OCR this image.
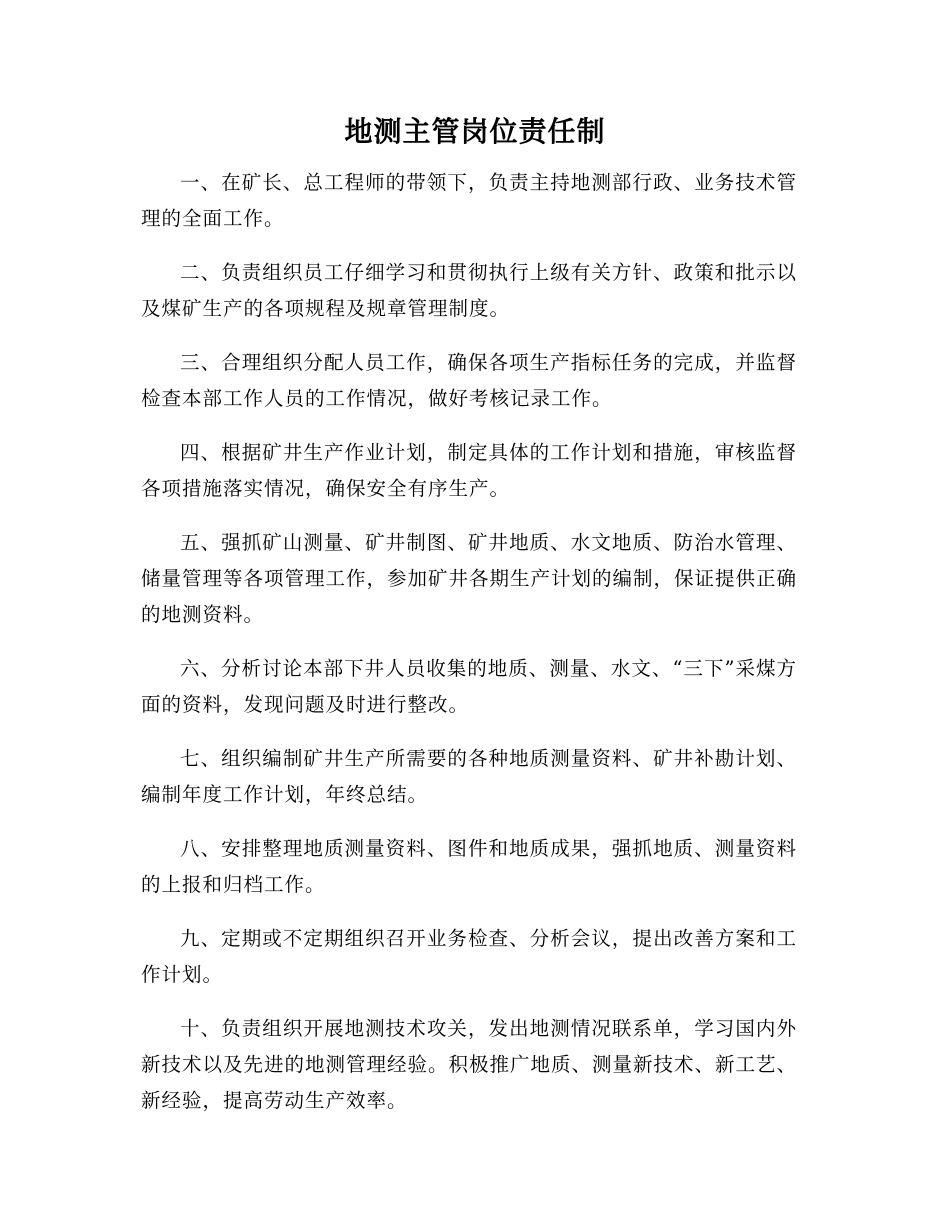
地测主管岗位责任制

一、在矿长、总工程师的带领下，负责主持地测部行政、业务技术管理的全面工作。

二、负责组织员工仔细学习和贯彻执行上级有关方针、政策和批示以及煤矿生产的各项规程及规章管理制度。

三、合理组织分配人员工作，确保各项生产指标任务的完成，并监督检查本部工作人员的工作情况，做好考核记录工作。

四、根据矿井生产作业计划，制定具体的工作计划和措施，审核监督各项措施落实情况，确保安全有序生产。

五、强抓矿山测量、矿井制图、矿井地质、水文地质、防治水管理、储量管理等各项管理工作，参加矿井各期生产计划的编制，保证提供正确的地测资料。

六、分析讨论本部下井人员收集的地质、测量、水文、“三下”采煤方面的资料，发现问题及时进行整改。

七、组织编制矿井生产所需要的各种地质测量资料、矿井补勘计划、编制年度工作计划，年终总结。

八、安排整理地质测量资料、图件和地质成果，强抓地质、测量资料的上报和归档工作。

九、定期或不定期组织召开业务检查、分析会议，提出改善方案和工作计划。

十、负责组织开展地测技术攻关，发出地测情况联系单，学习国内外新技术以及先进的地测管理经验。积极推广地质、测量新技术、新工艺、新经验，提高劳动生产效率。
